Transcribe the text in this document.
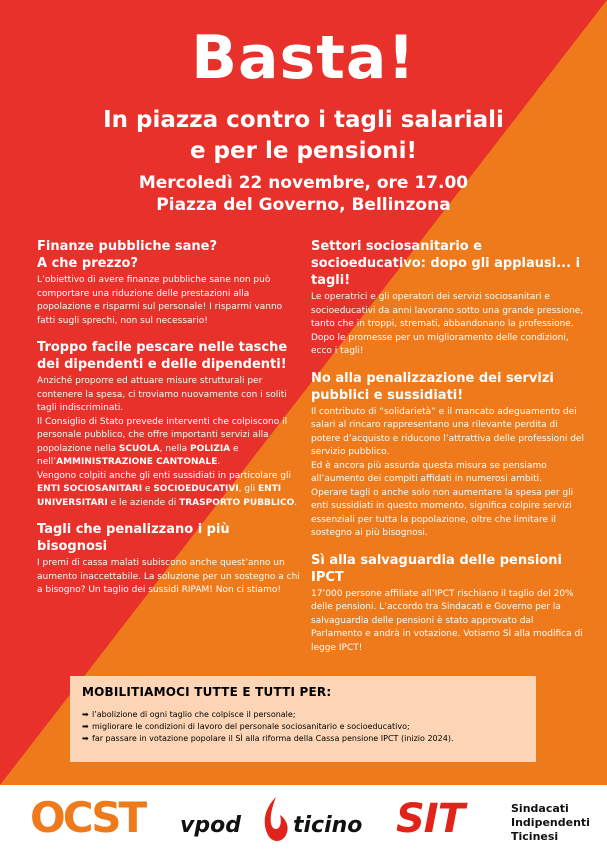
Basta!
In piazza contro i tagli salariali
e per le pensioni!
Mercoledì 22 novembre, ore 17.00
Piazza del Governo, Bellinzona
Finanze pubbliche sane?
A che prezzo?

L’obiettivo di avere finanze pubbliche sane non può comportare una riduzione delle prestazioni alla popolazione e risparmi sul personale! I risparmi vanno fatti sugli sprechi, non sul necessario!

Troppo facile pescare nelle tasche dei dipendenti e delle dipendenti!

Anziché proporre ed attuare misure strutturali per contenere la spesa, ci troviamo nuovamente con i soliti tagli indiscriminati.

Il Consiglio di Stato prevede interventi che colpiscono il personale pubblico, che offre importanti servizi alla popolazione nella SCUOLA, nella POLIZIA e nell’AMMINISTRAZIONE CANTONALE.

Vengono colpiti anche gli enti sussidiati in particolare gli ENTI SOCIOSANITARI e SOCIOEDUCATIVI, gli ENTI UNIVERSITARI e le aziende di TRASPORTO PUBBLICO.

Tagli che penalizzano i più bisognosi

I premi di cassa malati subiscono anche quest’anno un aumento inaccettabile. La soluzione per un sostegno a chi a bisogno? Un taglio dei sussidi RIPAM! Non ci stiamo!

Settori sociosanitario e socioeducativo: dopo gli applausi... i tagli!

Le operatrici e gli operatori dei servizi sociosanitari e socioeducativi da anni lavorano sotto una grande pressione, tanto che in troppi, stremati, abbandonano la professione. Dopo le promesse per un miglioramento delle condizioni, ecco i tagli!

No alla penalizzazione dei servizi pubblici e sussidiati!

Il contributo di “solidarietà” e il mancato adeguamento dei salari al rincaro rappresentano una rilevante perdita di potere d’acquisto e riducono l’attrattiva delle professioni del servizio pubblico.

Ed è ancora più assurda questa misura se pensiamo all’aumento dei compiti affidati in numerosi ambiti.

Operare tagli o anche solo non aumentare la spesa per gli enti sussidiati in questo momento, significa colpire servizi essenziali per tutta la popolazione, oltre che limitare il sostegno ai più bisognosi.

Sì alla salvaguardia delle pensioni IPCT

17’000 persone affiliate all’IPCT rischiano il taglio del 20% delle pensioni. L’accordo tra Sindacati e Governo per la salvaguardia delle pensioni è stato approvato dal Parlamento e andrà in votazione. Votiamo SÌ alla modifica di legge IPCT!

MOBILITIAMOCI TUTTE E TUTTI PER:
➡ l’abolizione di ogni taglio che colpisce il personale;
➡ migliorare le condizioni di lavoro del personale sociosanitario e socioeducativo;
➡ far passare in votazione popolare il SÌ alla riforma della Cassa pensione IPCT (inizio 2024).
OCST vpod ticino SIT	Sindacati
Indipendenti
Ticinesi
